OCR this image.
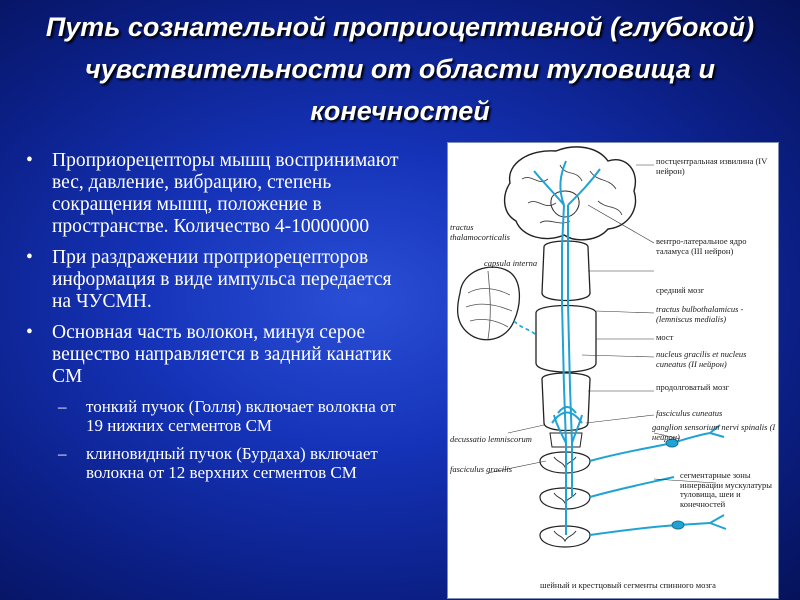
Путь сознательной проприоцептивной (глубокой) чувствительности от области туловища и конечностей
• Проприорецепторы мышц воспринимают вес, давление, вибрацию, степень сокращения мышц, положение в пространстве. Количество 4-10000000
• При раздражении проприорецепторов информация в виде импульса передается на ЧУСМН.
• Основная часть волокон, минуя серое вещество направляется в задний канатик СМ
– тонкий пучок (Голля) включает волокна от 19 нижних сегментов СМ
– клиновидный пучок (Бурдаха) включает волокна от 12 верхних сегментов СМ
постцентральная извилина (IV нейрон)
tractus thalamocorticalis	вентро-латеральное ядро таламуса (III нейрон)
capsula interna
средний мозг
tractus bulbothalamicus - (lemniscus medialis)
мост
nucleus gracilis et nucleus cuneatus (II нейрон)
продолговатый мозг
fasciculus cuneatus
ganglion sensorium nervi spinalis (I нейрон)
decussatio lemniscorum
fasciculus gracilis
сегментарные зоны иннервации мускулатуры туловища, шеи и конечностей
шейный и крестцовый сегменты спинного мозга
